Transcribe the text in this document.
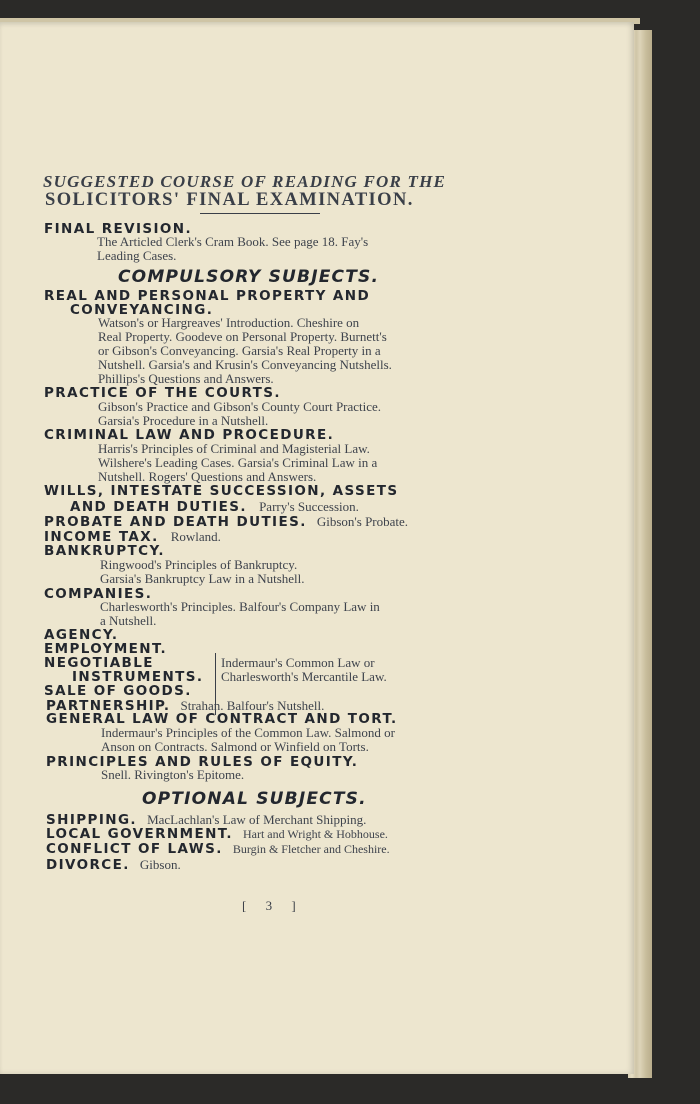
SUGGESTED COURSE OF READING FOR THE
SOLICITORS' FINAL EXAMINATION.
FINAL REVISION.
The Articled Clerk's Cram Book. See page 18. Fay's
Leading Cases.
COMPULSORY SUBJECTS.
REAL AND PERSONAL PROPERTY AND
CONVEYANCING.
Watson's or Hargreaves' Introduction. Cheshire on
Real Property. Goodeve on Personal Property. Burnett's
or Gibson's Conveyancing. Garsia's Real Property in a
Nutshell. Garsia's and Krusin's Conveyancing Nutshells.
Phillips's Questions and Answers.
PRACTICE OF THE COURTS.
Gibson's Practice and Gibson's County Court Practice.
Garsia's Procedure in a Nutshell.
CRIMINAL LAW AND PROCEDURE.
Harris's Principles of Criminal and Magisterial Law.
Wilshere's Leading Cases. Garsia's Criminal Law in a
Nutshell. Rogers' Questions and Answers.
WILLS, INTESTATE SUCCESSION, ASSETS
AND DEATH DUTIES. Parry's Succession.
PROBATE AND DEATH DUTIES. Gibson's Probate.
INCOME TAX. Rowland.
BANKRUPTCY.
Ringwood's Principles of Bankruptcy.
Garsia's Bankruptcy Law in a Nutshell.
COMPANIES.
Charlesworth's Principles. Balfour's Company Law in
a Nutshell.
AGENCY.
EMPLOYMENT.
NEGOTIABLE
INSTRUMENTS.
SALE OF GOODS.
Indermaur's Common Law or
Charlesworth's Mercantile Law.
PARTNERSHIP. Strahan. Balfour's Nutshell.
GENERAL LAW OF CONTRACT AND TORT.
Indermaur's Principles of the Common Law. Salmond or
Anson on Contracts. Salmond or Winfield on Torts.
PRINCIPLES AND RULES OF EQUITY.
Snell. Rivington's Epitome.
OPTIONAL SUBJECTS.
SHIPPING. MacLachlan's Law of Merchant Shipping.
LOCAL GOVERNMENT. Hart and Wright & Hobhouse.
CONFLICT OF LAWS. Burgin & Fletcher and Cheshire.
DIVORCE. Gibson.
[ 3 ]
